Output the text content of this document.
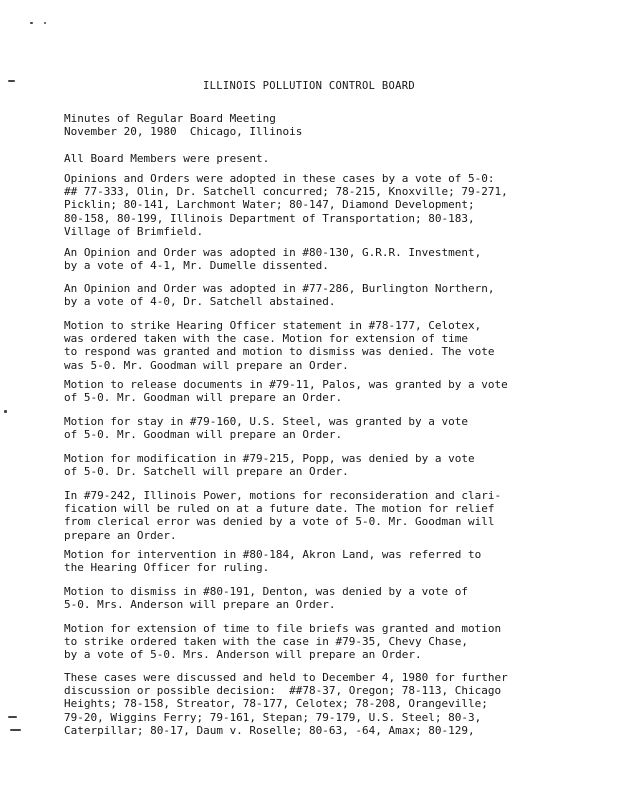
ILLINOIS POLLUTION CONTROL BOARD

Minutes of Regular Board Meeting
November 20, 1980  Chicago, Illinois

All Board Members were present.

Opinions and Orders were adopted in these cases by a vote of 5-0:
## 77-333, Olin, Dr. Satchell concurred; 78-215, Knoxville; 79-271,
Picklin; 80-141, Larchmont Water; 80-147, Diamond Development;
80-158, 80-199, Illinois Department of Transportation; 80-183,
Village of Brimfield.

An Opinion and Order was adopted in #80-130, G.R.R. Investment,
by a vote of 4-1, Mr. Dumelle dissented.

An Opinion and Order was adopted in #77-286, Burlington Northern,
by a vote of 4-0, Dr. Satchell abstained.

Motion to strike Hearing Officer statement in #78-177, Celotex,
was ordered taken with the case. Motion for extension of time
to respond was granted and motion to dismiss was denied. The vote
was 5-0. Mr. Goodman will prepare an Order.

Motion to release documents in #79-11, Palos, was granted by a vote
of 5-0. Mr. Goodman will prepare an Order.

Motion for stay in #79-160, U.S. Steel, was granted by a vote
of 5-0. Mr. Goodman will prepare an Order.

Motion for modification in #79-215, Popp, was denied by a vote
of 5-0. Dr. Satchell will prepare an Order.

In #79-242, Illinois Power, motions for reconsideration and clari-
fication will be ruled on at a future date. The motion for relief
from clerical error was denied by a vote of 5-0. Mr. Goodman will
prepare an Order.

Motion for intervention in #80-184, Akron Land, was referred to
the Hearing Officer for ruling.

Motion to dismiss in #80-191, Denton, was denied by a vote of
5-0. Mrs. Anderson will prepare an Order.

Motion for extension of time to file briefs was granted and motion
to strike ordered taken with the case in #79-35, Chevy Chase,
by a vote of 5-0. Mrs. Anderson will prepare an Order.

These cases were discussed and held to December 4, 1980 for further
discussion or possible decision:  ##78-37, Oregon; 78-113, Chicago
Heights; 78-158, Streator, 78-177, Celotex; 78-208, Orangeville;
79-20, Wiggins Ferry; 79-161, Stepan; 79-179, U.S. Steel; 80-3,
Caterpillar; 80-17, Daum v. Roselle; 80-63, -64, Amax; 80-129,
